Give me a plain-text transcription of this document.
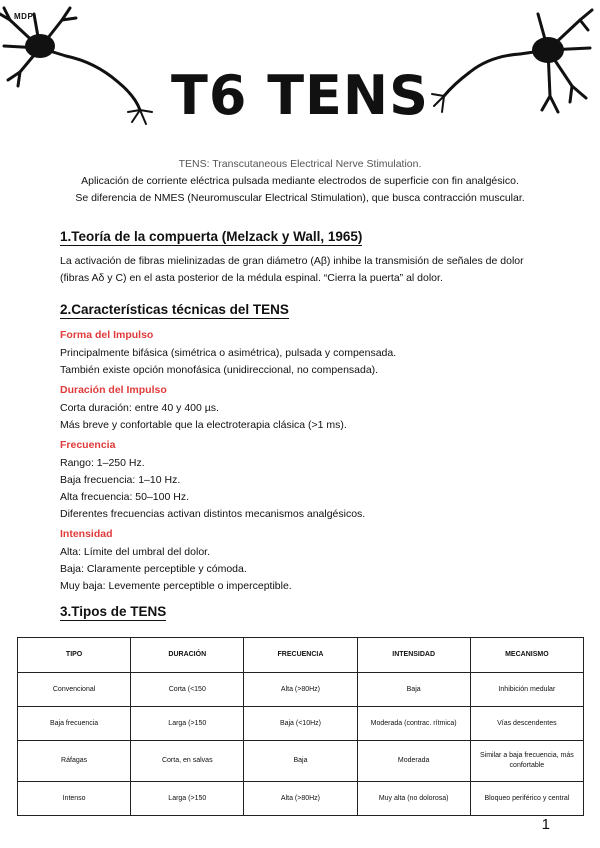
MDP
T6 TENS
TENS: Transcutaneous Electrical Nerve Stimulation.
Aplicación de corriente eléctrica pulsada mediante electrodos de superficie con fin analgésico.
Se diferencia de NMES (Neuromuscular Electrical Stimulation), que busca contracción muscular.
1.Teoría de la compuerta (Melzack y Wall, 1965)
La activación de fibras mielinizadas de gran diámetro (Aβ) inhibe la transmisión de señales de dolor
(fibras Aδ y C) en el asta posterior de la médula espinal. “Cierra la puerta” al dolor.
2.Características técnicas del TENS
Forma del Impulso
Principalmente bifásica (simétrica o asimétrica), pulsada y compensada.
También existe opción monofásica (unidireccional, no compensada).
Duración del Impulso
Corta duración: entre 40 y 400 µs.
Más breve y confortable que la electroterapia clásica (>1 ms).
Frecuencia
Rango: 1–250 Hz.
Baja frecuencia: 1–10 Hz.
Alta frecuencia: 50–100 Hz.
Diferentes frecuencias activan distintos mecanismos analgésicos.
Intensidad
Alta: Límite del umbral del dolor.
Baja: Claramente perceptible y cómoda.
Muy baja: Levemente perceptible o imperceptible.
3.Tipos de TENS
TIPO	DURACIÓN	FRECUENCIA	INTENSIDAD	MECANISMO
Convencional	Corta (<150	Alta (>80Hz)	Baja	Inhibición medular
Baja frecuencia	Larga (>150	Baja (<10Hz)	Moderada (contrac. rítmica)	Vías descendentes
Ráfagas	Corta, en salvas	Baja	Moderada	Similar a baja frecuencia, más confortable
Intenso	Larga (>150	Alta (>80Hz)	Muy alta (no dolorosa)	Bloqueo periférico y central
1
